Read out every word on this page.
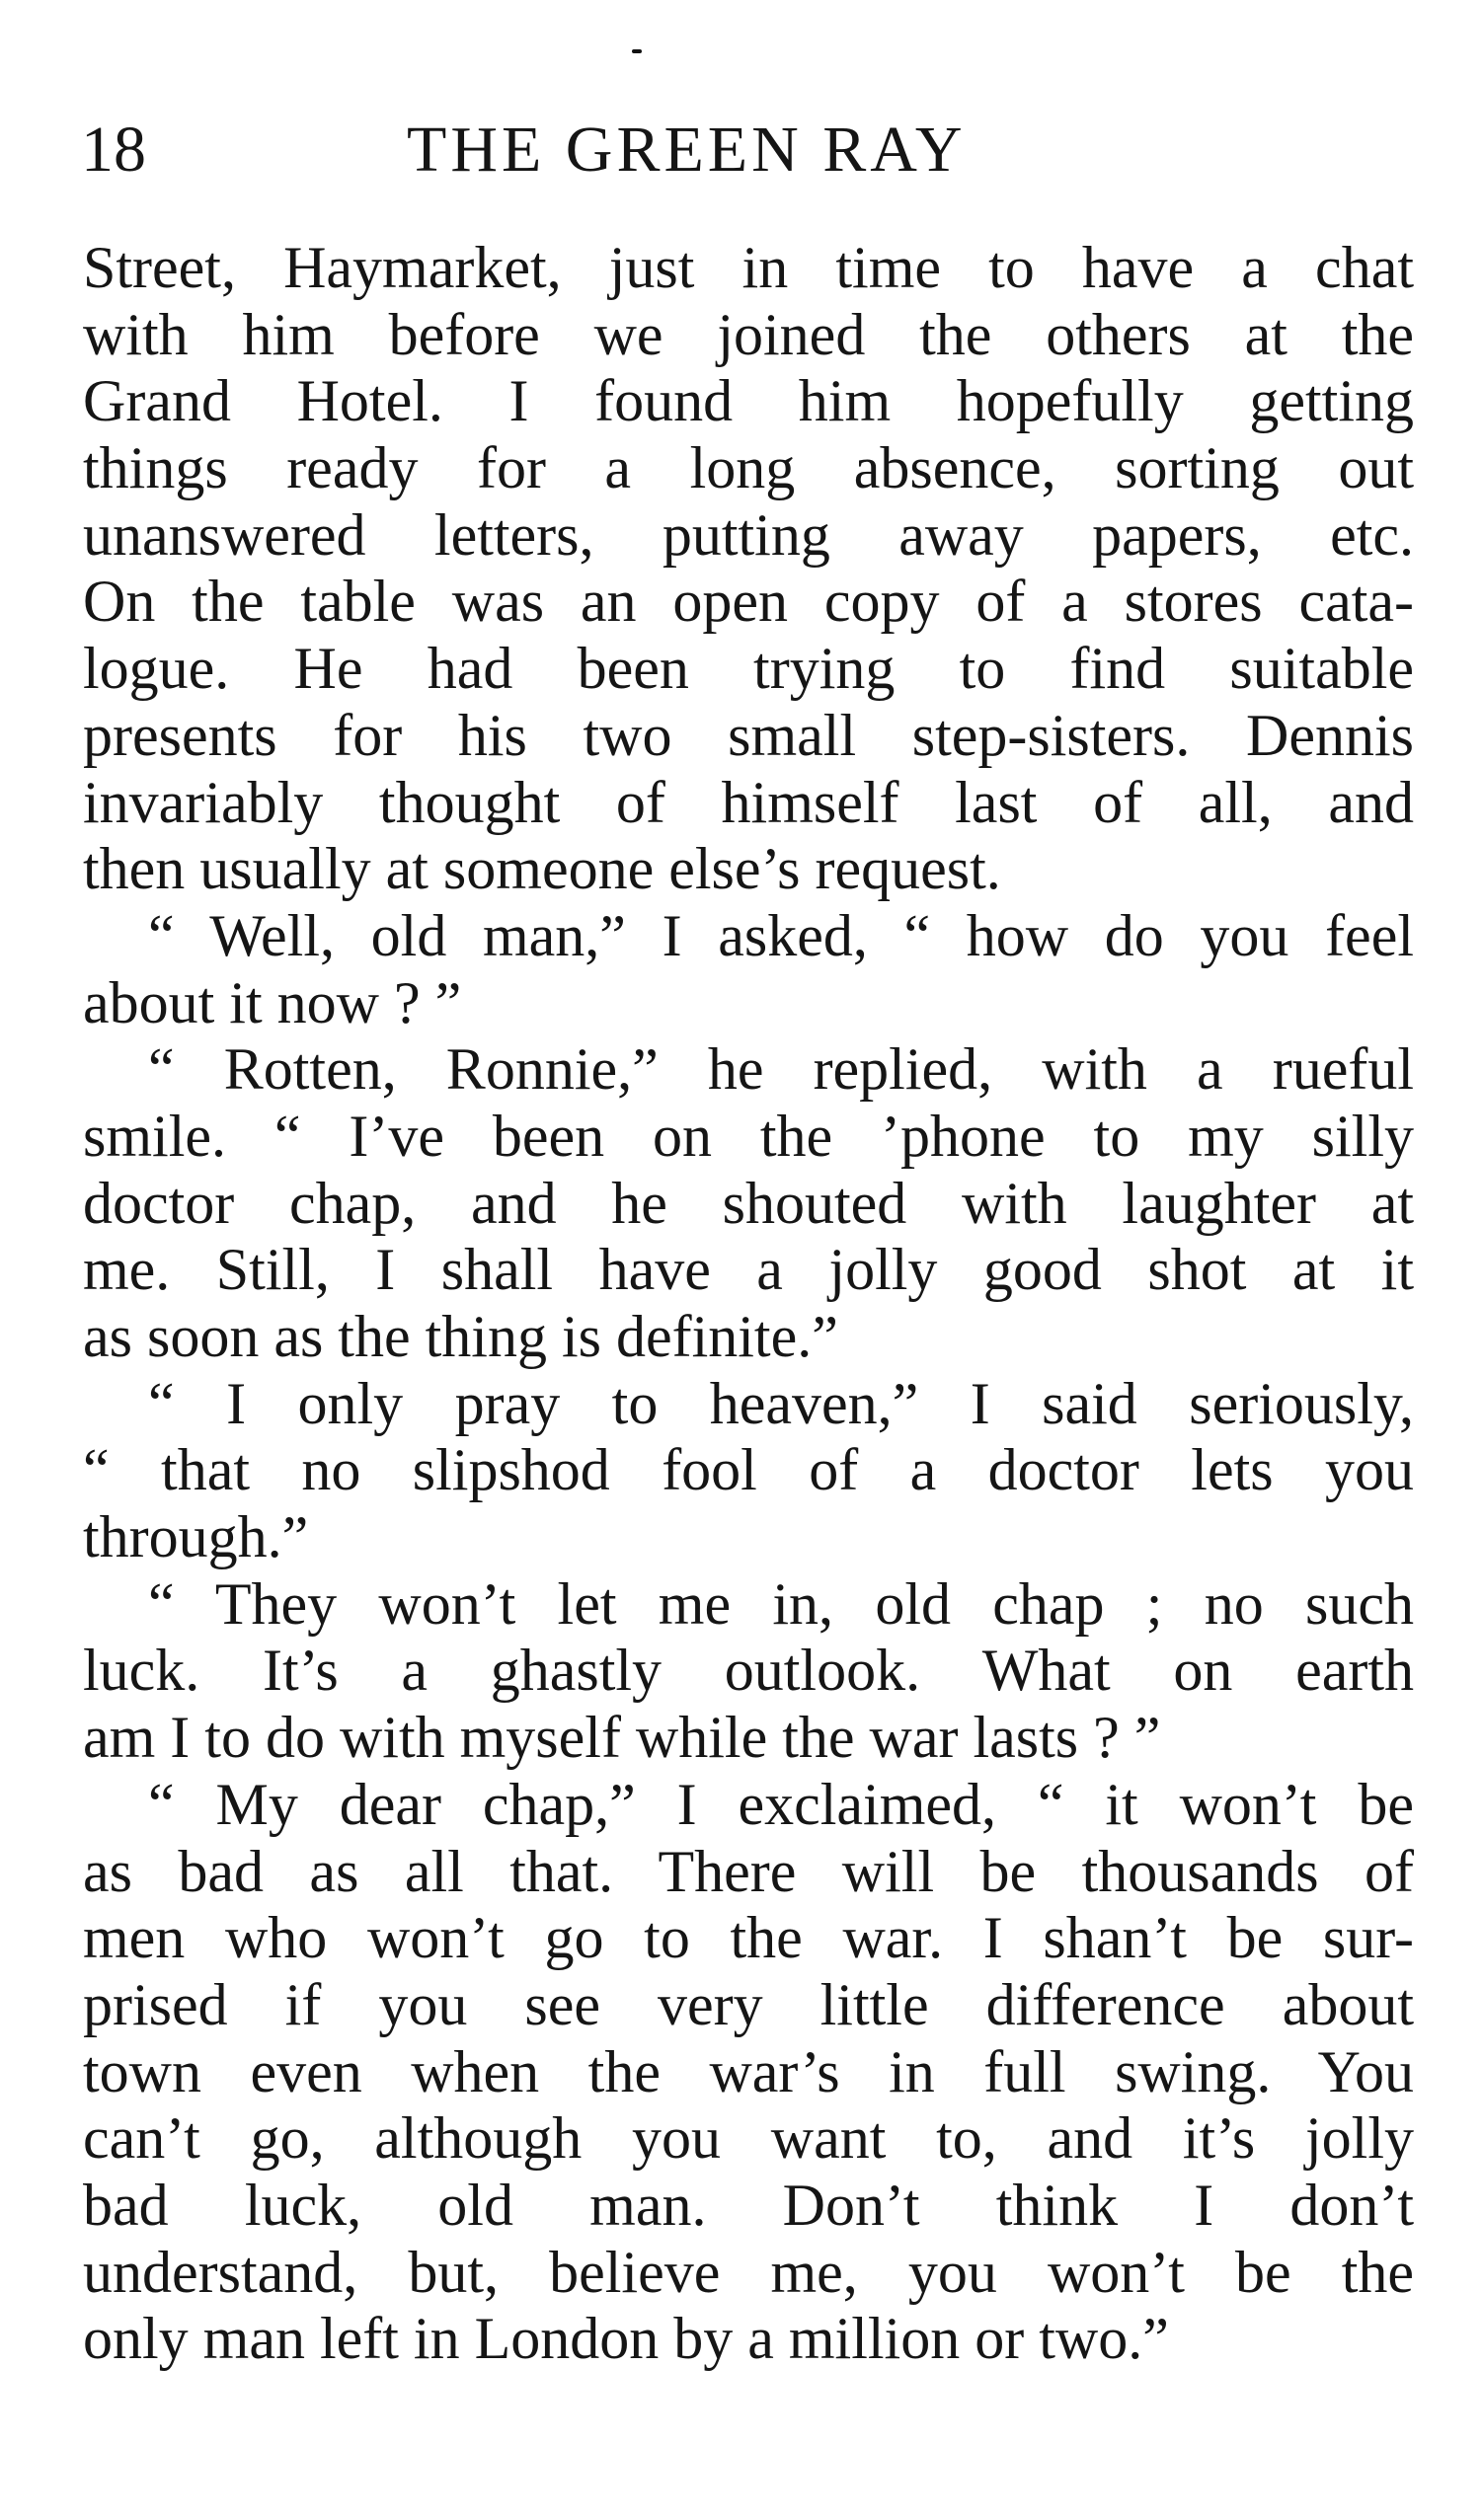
18	THE GREEN RAY
Street, Haymarket, just in time to have a chat
with him before we joined the others at the
Grand Hotel. I found him hopefully getting
things ready for a long absence, sorting out
unanswered letters, putting away papers, etc.
On the table was an open copy of a stores cata-
logue. He had been trying to find suitable
presents for his two small step-sisters. Dennis
invariably thought of himself last of all, and
then usually at someone else’s request.
“ Well, old man,” I asked, “ how do you feel
about it now ? ”
“ Rotten, Ronnie,” he replied, with a rueful
smile. “ I’ve been on the ’phone to my silly
doctor chap, and he shouted with laughter at
me. Still, I shall have a jolly good shot at it
as soon as the thing is definite.”
“ I only pray to heaven,” I said seriously,
“ that no slipshod fool of a doctor lets you
through.”
“ They won’t let me in, old chap ; no such
luck. It’s a ghastly outlook. What on earth
am I to do with myself while the war lasts ? ”
“ My dear chap,” I exclaimed, “ it won’t be
as bad as all that. There will be thousands of
men who won’t go to the war. I shan’t be sur-
prised if you see very little difference about
town even when the war’s in full swing. You
can’t go, although you want to, and it’s jolly
bad luck, old man. Don’t think I don’t
understand, but, believe me, you won’t be the
only man left in London by a million or two.”
